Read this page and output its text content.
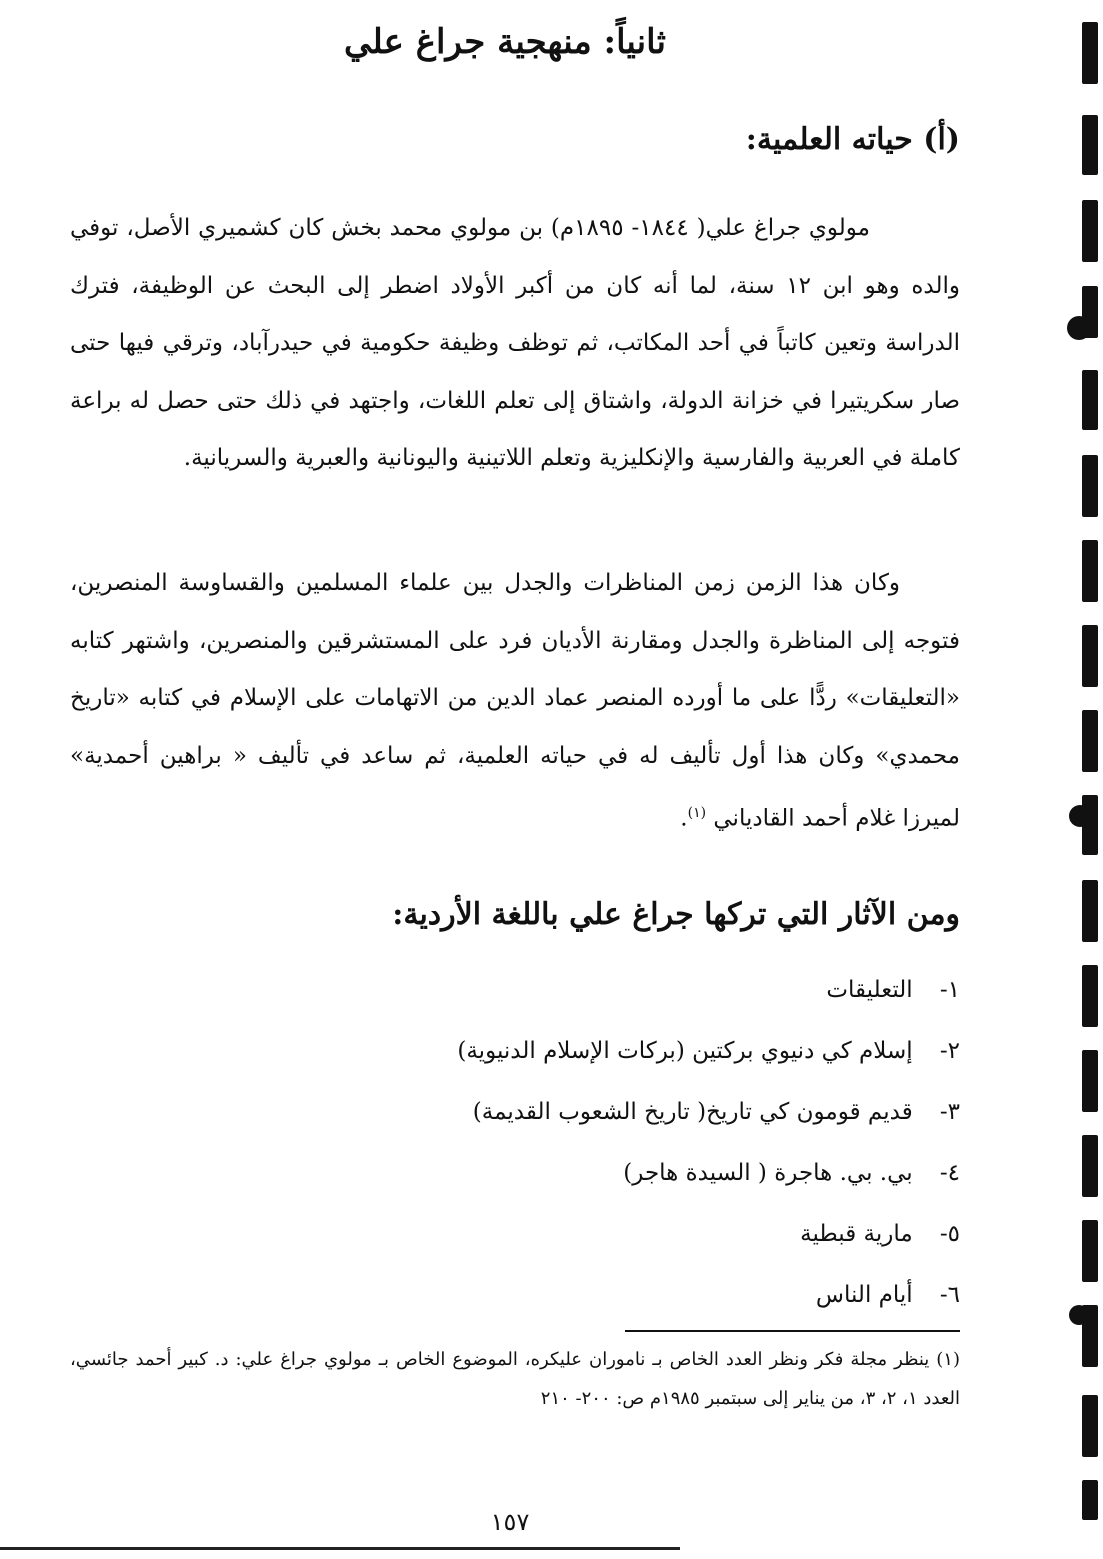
ثانياً: منهجية جراغ علي
(أ) حياته العلمية:

مولوي جراغ علي( ١٨٤٤- ١٨٩٥م) بن مولوي محمد بخش كان كشميري الأصل، توفي والده وهو ابن ١٢ سنة، لما أنه كان من أكبر الأولاد اضطر إلى البحث عن الوظيفة، فترك الدراسة وتعين كاتباً في أحد المكاتب، ثم توظف وظيفة حكومية في حيدرآباد، وترقي فيها حتى صار سكريتيرا في خزانة الدولة، واشتاق إلى تعلم اللغات، واجتهد في ذلك حتى حصل له براعة كاملة في العربية والفارسية والإنكليزية وتعلم اللاتينية واليونانية والعبرية والسريانية.

وكان هذا الزمن زمن المناظرات والجدل بين علماء المسلمين والقساوسة المنصرين، فتوجه إلى المناظرة والجدل ومقارنة الأديان فرد على المستشرقين والمنصرين، واشتهر كتابه «التعليقات» ردًّا على ما أورده المنصر عماد الدين من الاتهامات على الإسلام في كتابه «تاريخ محمدي» وكان هذا أول تأليف له في حياته العلمية، ثم ساعد في تأليف « براهين أحمدية» لميرزا غلام أحمد القادياني $^{(١)}$.

ومن الآثار التي تركها جراغ علي باللغة الأردية:
١- التعليقات
٢- إسلام كي دنيوي بركتين (بركات الإسلام الدنيوية)
٣- قديم قومون كي تاريخ( تاريخ الشعوب القديمة)
٤- بي. بي. هاجرة ( السيدة هاجر)
٥- مارية قبطية
٦- أيام الناس

(١) ينظر مجلة فكر ونظر العدد الخاص بـ ناموران عليكره، الموضوع الخاص بـ مولوي جراغ علي: د. كبير أحمد جائسي، العدد ١، ٢، ٣، من يناير إلى سبتمبر ١٩٨٥م ص: ٢٠٠- ٢١٠

١٥٧
